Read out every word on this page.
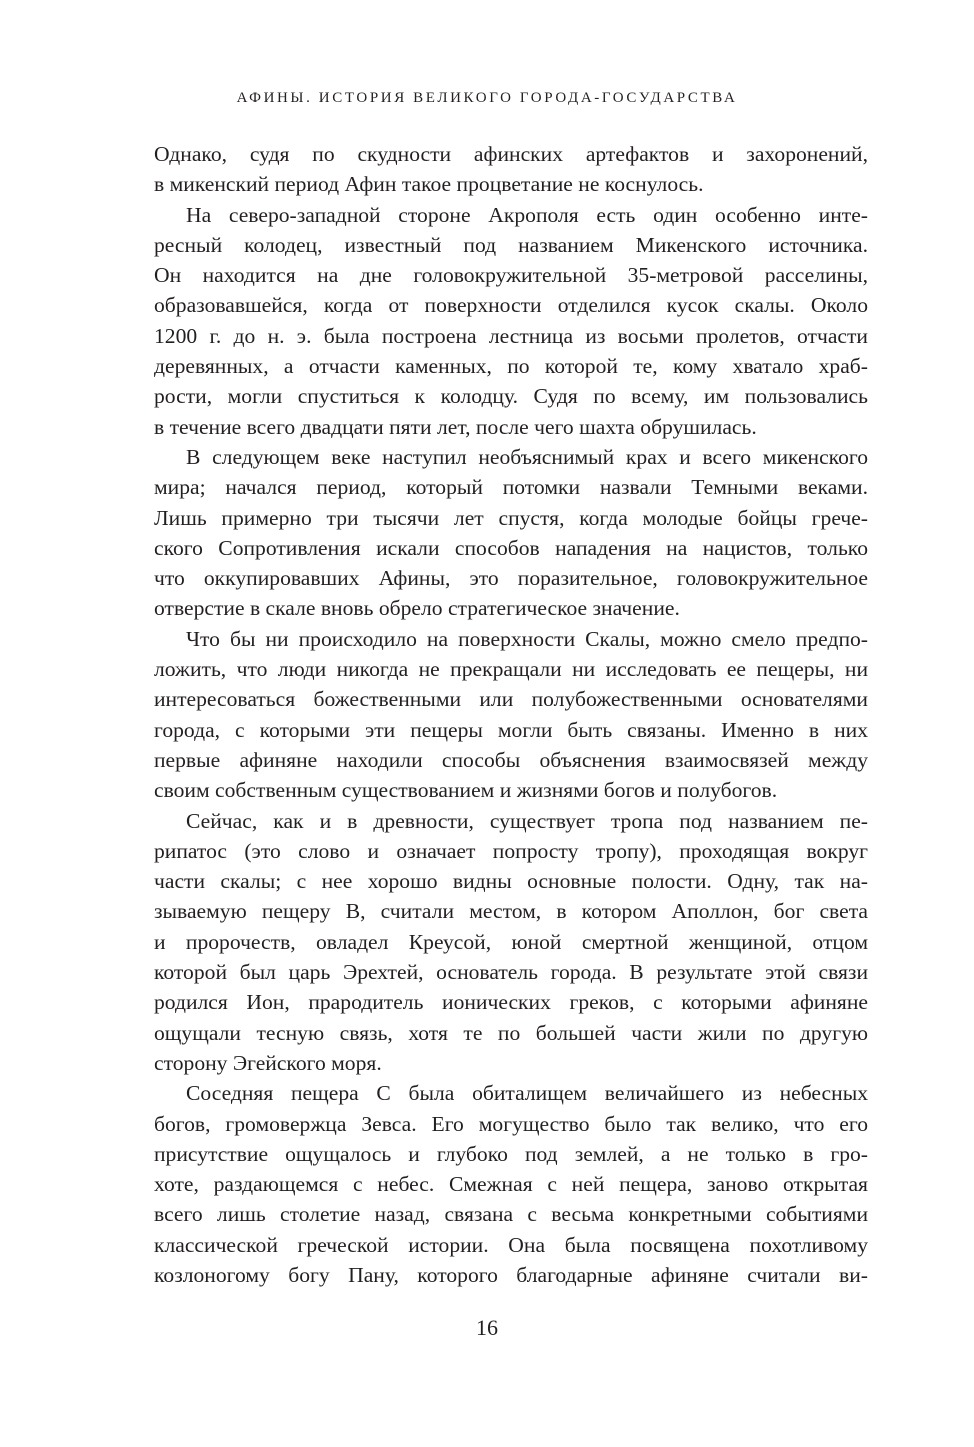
АФИНЫ. ИСТОРИЯ ВЕЛИКОГО ГОРОДА-ГОСУДАРСТВА
Однако, судя по скудности афинских артефактов и захоронений,
в микенский период Афин такое процветание не коснулось.
На северо-западной стороне Акрополя есть один особенно инте-
ресный колодец, известный под названием Микенского источника.
Он находится на дне головокружительной 35-метровой расселины,
образовавшейся, когда от поверхности отделился кусок скалы. Около
1200 г. до н. э. была построена лестница из восьми пролетов, отчасти
деревянных, а отчасти каменных, по которой те, кому хватало храб-
рости, могли спуститься к колодцу. Судя по всему, им пользовались
в течение всего двадцати пяти лет, после чего шахта обрушилась.
В следующем веке наступил необъяснимый крах и всего микенского
мира; начался период, который потомки назвали Темными веками.
Лишь примерно три тысячи лет спустя, когда молодые бойцы грече-
ского Сопротивления искали способов нападения на нацистов, только
что оккупировавших Афины, это поразительное, головокружительное
отверстие в скале вновь обрело стратегическое значение.
Что бы ни происходило на поверхности Скалы, можно смело предпо-
ложить, что люди никогда не прекращали ни исследовать ее пещеры, ни
интересоваться божественными или полубожественными основателями
города, с которыми эти пещеры могли быть связаны. Именно в них
первые афиняне находили способы объяснения взаимосвязей между
своим собственным существованием и жизнями богов и полубогов.
Сейчас, как и в древности, существует тропа под названием пе-
рипатос (это слово и означает попросту тропу), проходящая вокруг
части скалы; с нее хорошо видны основные полости. Одну, так на-
зываемую пещеру B, считали местом, в котором Аполлон, бог света
и пророчеств, овладел Креусой, юной смертной женщиной, отцом
которой был царь Эрехтей, основатель города. В результате этой связи
родился Ион, прародитель ионических греков, с которыми афиняне
ощущали тесную связь, хотя те по большей части жили по другую
сторону Эгейского моря.
Соседняя пещера C была обиталищем величайшего из небесных
богов, громовержца Зевса. Его могущество было так велико, что его
присутствие ощущалось и глубоко под землей, а не только в гро-
хоте, раздающемся с небес. Смежная с ней пещера, заново открытая
всего лишь столетие назад, связана с весьма конкретными событиями
классической греческой истории. Она была посвящена похотливому
козлоногому богу Пану, которого благодарные афиняне считали ви-
16
